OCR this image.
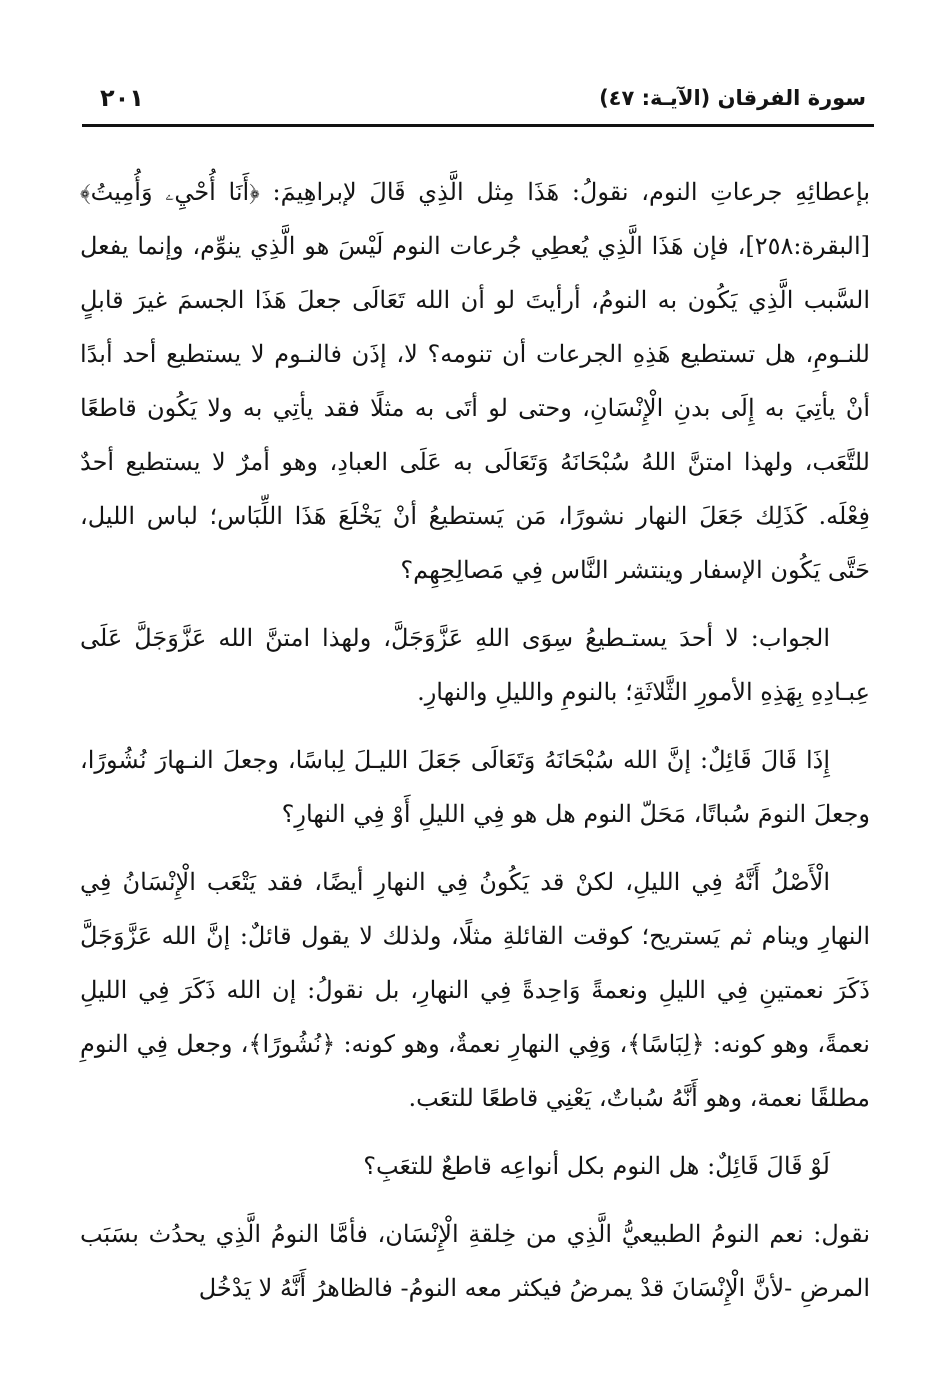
سورة الفرقان (الآيـة: ٤٧)
٢٠١

بإعطائِهِ جرعاتِ النوم، نقولُ: هَذَا مِثل الَّذِي قَالَ لإبراهِيمَ: ﴿أَنَا أُحْيِۦ وَأُمِيتُ﴾ [البقرة:٢٥٨]، فإن هَذَا الَّذِي يُعطِي جُرعات النوم لَيْسَ هو الَّذِي ينوِّم، وإنما يفعل السَّبب الَّذِي يَكُون به النومُ، أرأيتَ لو أن الله تَعَالَى جعلَ هَذَا الجسمَ غيرَ قابلٍ للنـومِ، هل تستطيع هَذِهِ الجرعات أن تنومه؟ لا، إذَن فالنـوم لا يستطيع أحد أبدًا أنْ يأتِيَ به إِلَى بدنِ الْإِنْسَانِ، وحتى لو أتَى به مثلًا فقد يأتِي به ولا يَكُون قاطعًا للتَّعَب، ولهذا امتنَّ اللهُ سُبْحَانَهُ وَتَعَالَى به عَلَى العبادِ، وهو أمرٌ لا يستطيع أحدٌ فِعْلَه. كَذَلِك جَعَلَ النهار نشورًا، مَن يَستطيعُ أنْ يَخْلَعَ هَذَا اللِّبَاس؛ لباس الليل، حَتَّى يَكُون الإسفار وينتشر النَّاس فِي مَصالِحِهِم؟

الجواب: لا أحدَ يستـطيعُ سِوَى اللهِ عَزَّوَجَلَّ، ولهذا امتنَّ الله عَزَّوَجَلَّ عَلَى عِبـادِهِ بِهَذِهِ الأمورِ الثَّلاثَةِ؛ بالنومِ والليلِ والنهارِ.

إِذَا قَالَ قَائِلٌ: إنَّ الله سُبْحَانَهُ وَتَعَالَى جَعَلَ الليـلَ لِباسًا، وجعلَ النـهارَ نُشُورًا، وجعلَ النومَ سُباتًا، مَحَلّ النوم هل هو فِي الليلِ أَوْ فِي النهارِ؟

الْأَصْلُ أَنَّهُ فِي الليلِ، لكنْ قد يَكُونُ فِي النهارِ أيضًا، فقد يَتْعَب الْإِنْسَانُ فِي النهارِ وينام ثم يَستريح؛ كوقت القائلةِ مثلًا، ولذلك لا يقول قائلٌ: إنَّ الله عَزَّوَجَلَّ ذَكَرَ نعمتينِ فِي الليلِ ونعمةً وَاحِدةً فِي النهارِ، بل نقولُ: إن الله ذَكَرَ فِي الليلِ نعمةً، وهو كونه: ﴿لِبَاسًا﴾، وَفِي النهارِ نعمةٌ، وهو كونه: ﴿نُشُورًا﴾، وجعل فِي النومِ مطلقًا نعمة، وهو أَنَّهُ سُباتٌ، يَعْنِي قاطعًا للتعَب.

لَوْ قَالَ قَائِلٌ: هل النوم بكل أنواعِه قاطعٌ للتعَبِ؟

نقول: نعم النومُ الطبيعيُّ الَّذِي من خِلقةِ الْإِنْسَان، فأمَّا النومُ الَّذِي يحدُث بسَبَب المرضِ -لأنَّ الْإِنْسَانَ قدْ يمرضُ فيكثر معه النومُ- فالظاهرُ أَنَّهُ لا يَدْخُل
